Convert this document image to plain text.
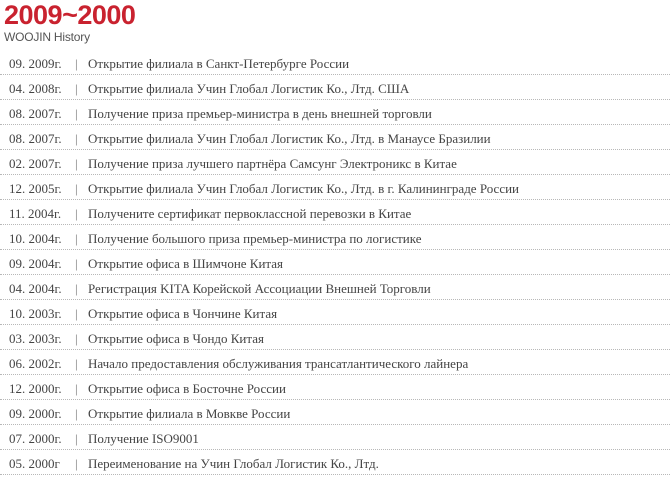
2009~2000
WOOJIN History
09. 2009г. | Открытие филиала в Санкт-Петербурге России
04. 2008г. | Открытие филиала Учин Глобал Логистик Ко., Лтд. США
08. 2007г. | Получение приза премьер-министра в день внешней торговли
08. 2007г. | Открытие филиала Учин Глобал Логистик Ко., Лтд. в Манаусе Бразилии
02. 2007г. | Получение приза лучшего партнёра Самсунг Электроникс в Китае
12. 2005г. | Открытие филиала Учин Глобал Логистик Ко., Лтд. в г. Калининграде России
11. 2004г. | Получените сертификат первоклассной перевозки в Китае
10. 2004г. | Получение большого приза премьер-министра по логистике
09. 2004г. | Открытие офиса в Шимчоне Китая
04. 2004г. | Регистрация KITA Корейской Ассоциации Внешней Торговли
10. 2003г. | Открытие офиса в Чончине Китая
03. 2003г. | Открытие офиса в Чондо Китая
06. 2002г. | Начало предоставления обслуживания трансатлантического лайнера
12. 2000г. | Открытие офиса в Босточне России
09. 2000г. | Открытие филиала в Мовкве России
07. 2000г. | Получение ISO9001
05. 2000г | Переименование на Учин Глобал Логистик Ко., Лтд.
